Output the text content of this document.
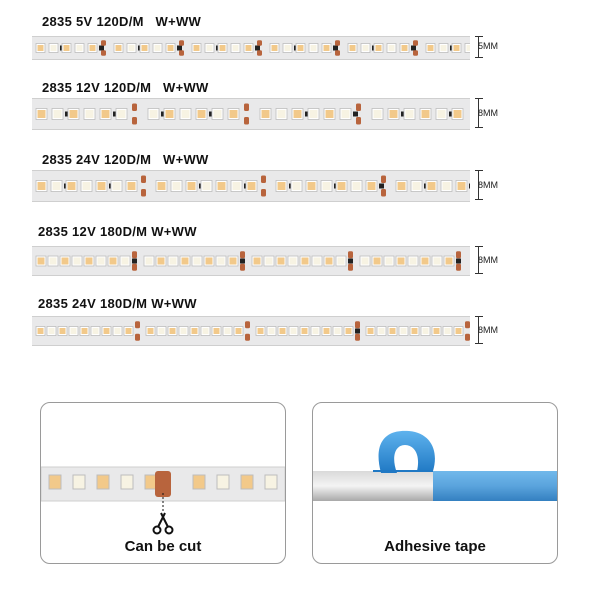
2835 5V 120D/M   W+WW
5MM
2835 12V 120D/M   W+WW
8MM
2835 24V 120D/M   W+WW
8MM
2835 12V 180D/M W+WW
8MM
2835 24V 180D/M W+WW
8MM
Can be cut	Adhesive tape
